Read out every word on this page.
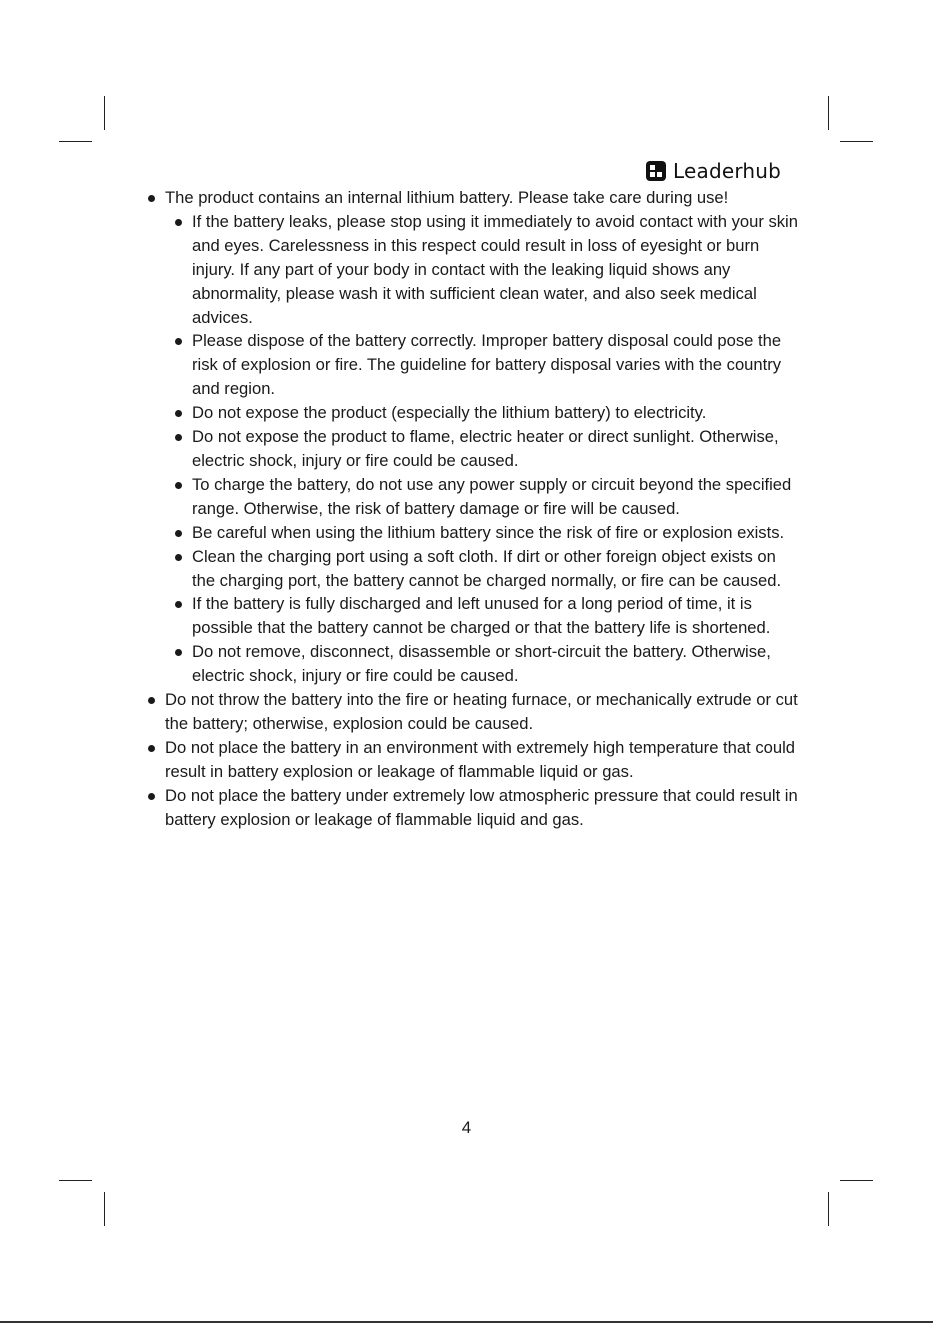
Leaderhub
The product contains an internal lithium battery. Please take care during use!
If the battery leaks, please stop using it immediately to avoid contact with your skin and eyes. Carelessness in this respect could result in loss of eyesight or burn injury. If any part of your body in contact with the leaking liquid shows any abnormality, please wash it with sufficient clean water, and also seek medical advices.
Please dispose of the battery correctly. Improper battery disposal could pose the risk of explosion or fire. The guideline for battery disposal varies with the country and region.
Do not expose the product (especially the lithium battery) to electricity.
Do not expose the product to flame, electric heater or direct sunlight. Otherwise, electric shock, injury or fire could be caused.
To charge the battery, do not use any power supply or circuit beyond the specified range. Otherwise, the risk of battery damage or fire will be caused.
Be careful when using the lithium battery since the risk of fire or explosion exists.
Clean the charging port using a soft cloth. If dirt or other foreign object exists on the charging port, the battery cannot be charged normally, or fire can be caused.
If the battery is fully discharged and left unused for a long period of time, it is possible that the battery cannot be charged or that the battery life is shortened.
Do not remove, disconnect, disassemble or short-circuit the battery. Otherwise, electric shock, injury or fire could be caused.
Do not throw the battery into the fire or heating furnace, or mechanically extrude or cut the battery; otherwise, explosion could be caused.
Do not place the battery in an environment with extremely high temperature that could result in battery explosion or leakage of flammable liquid or gas.
Do not place the battery under extremely low atmospheric pressure that could result in battery explosion or leakage of flammable liquid and gas.
4
